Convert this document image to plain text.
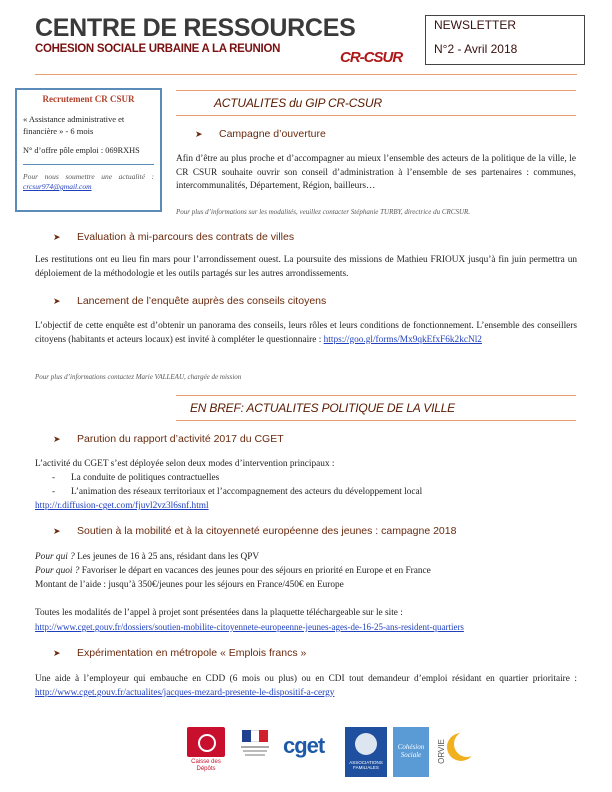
CENTRE DE RESSOURCES
COHESION SOCIALE URBAINE A LA REUNION	CR-CSUR
NEWSLETTER
N°2 - Avril 2018
Recrutement CR CSUR
« Assistance administrative et financière » - 6 mois
N° d’offre pôle emploi : 069RXHS
Pour nous soumettre une actualité : crcsur974@gmail.com
ACTUALITES du GIP CR-CSUR
➤ Campagne d’ouverture
Afin d’être au plus proche et d’accompagner au mieux l’ensemble des acteurs de la politique de la ville, le CR CSUR souhaite ouvrir son conseil d’administration à l’ensemble de ses partenaires : communes, intercommunalités, Département, Région, bailleurs…
Pour plus d’informations sur les modalités, veuillez contacter Stéphanie TURBY, directrice du CRCSUR.
➤ Evaluation à mi-parcours des contrats de villes
Les restitutions ont eu lieu fin mars pour l’arrondissement ouest. La poursuite des missions de Mathieu FRIOUX jusqu’à fin juin permettra un déploiement de la méthodologie et les outils partagés sur les autres arrondissements.
➤ Lancement de l’enquête auprès des conseils citoyens
L’objectif de cette enquête est d’obtenir un panorama des conseils, leurs rôles et leurs conditions de fonctionnement. L’ensemble des conseillers citoyens (habitants et acteurs locaux) est invité à compléter le questionnaire : https://goo.gl/forms/Mx9qkEfxF6k2kcNl2
Pour plus d’informations contactez Marie VALLEAU, chargée de mission
EN BREF: ACTUALITES POLITIQUE DE LA VILLE
➤ Parution du rapport d’activité 2017 du CGET
L’activité du CGET s’est déployée selon deux modes d’intervention principaux :
- La conduite de politiques contractuelles
- L’animation des réseaux territoriaux et l’accompagnement des acteurs du développement local
http://r.diffusion-cget.com/fjuvl2vz3l6snf.html
➤ Soutien à la mobilité et à la citoyenneté européenne des jeunes : campagne 2018
Pour qui ? Les jeunes de 16 à 25 ans, résidant dans les QPV
Pour quoi ? Favoriser le départ en vacances des jeunes pour des séjours en priorité en Europe et en France
Montant de l’aide : jusqu’à 350€/jeunes pour les séjours en France/450€ en Europe
Toutes les modalités de l’appel à projet sont présentées dans la plaquette téléchargeable sur le site :
http://www.cget.gouv.fr/dossiers/soutien-mobilite-citoyennete-europeenne-jeunes-ages-de-16-25-ans-resident-quartiers
➤ Expérimentation en métropole « Emplois francs »
Une aide à l’employeur qui embauche en CDD (6 mois ou plus) ou en CDI tout demandeur d’emploi résidant en quartier prioritaire : http://www.cget.gouv.fr/actualites/jacques-mezard-presente-le-dispositif-a-cergy
Caisse des Dépôts
cget
ASSOCIATIONS FAMILIALES
Cohésion Sociale	ORVIE
